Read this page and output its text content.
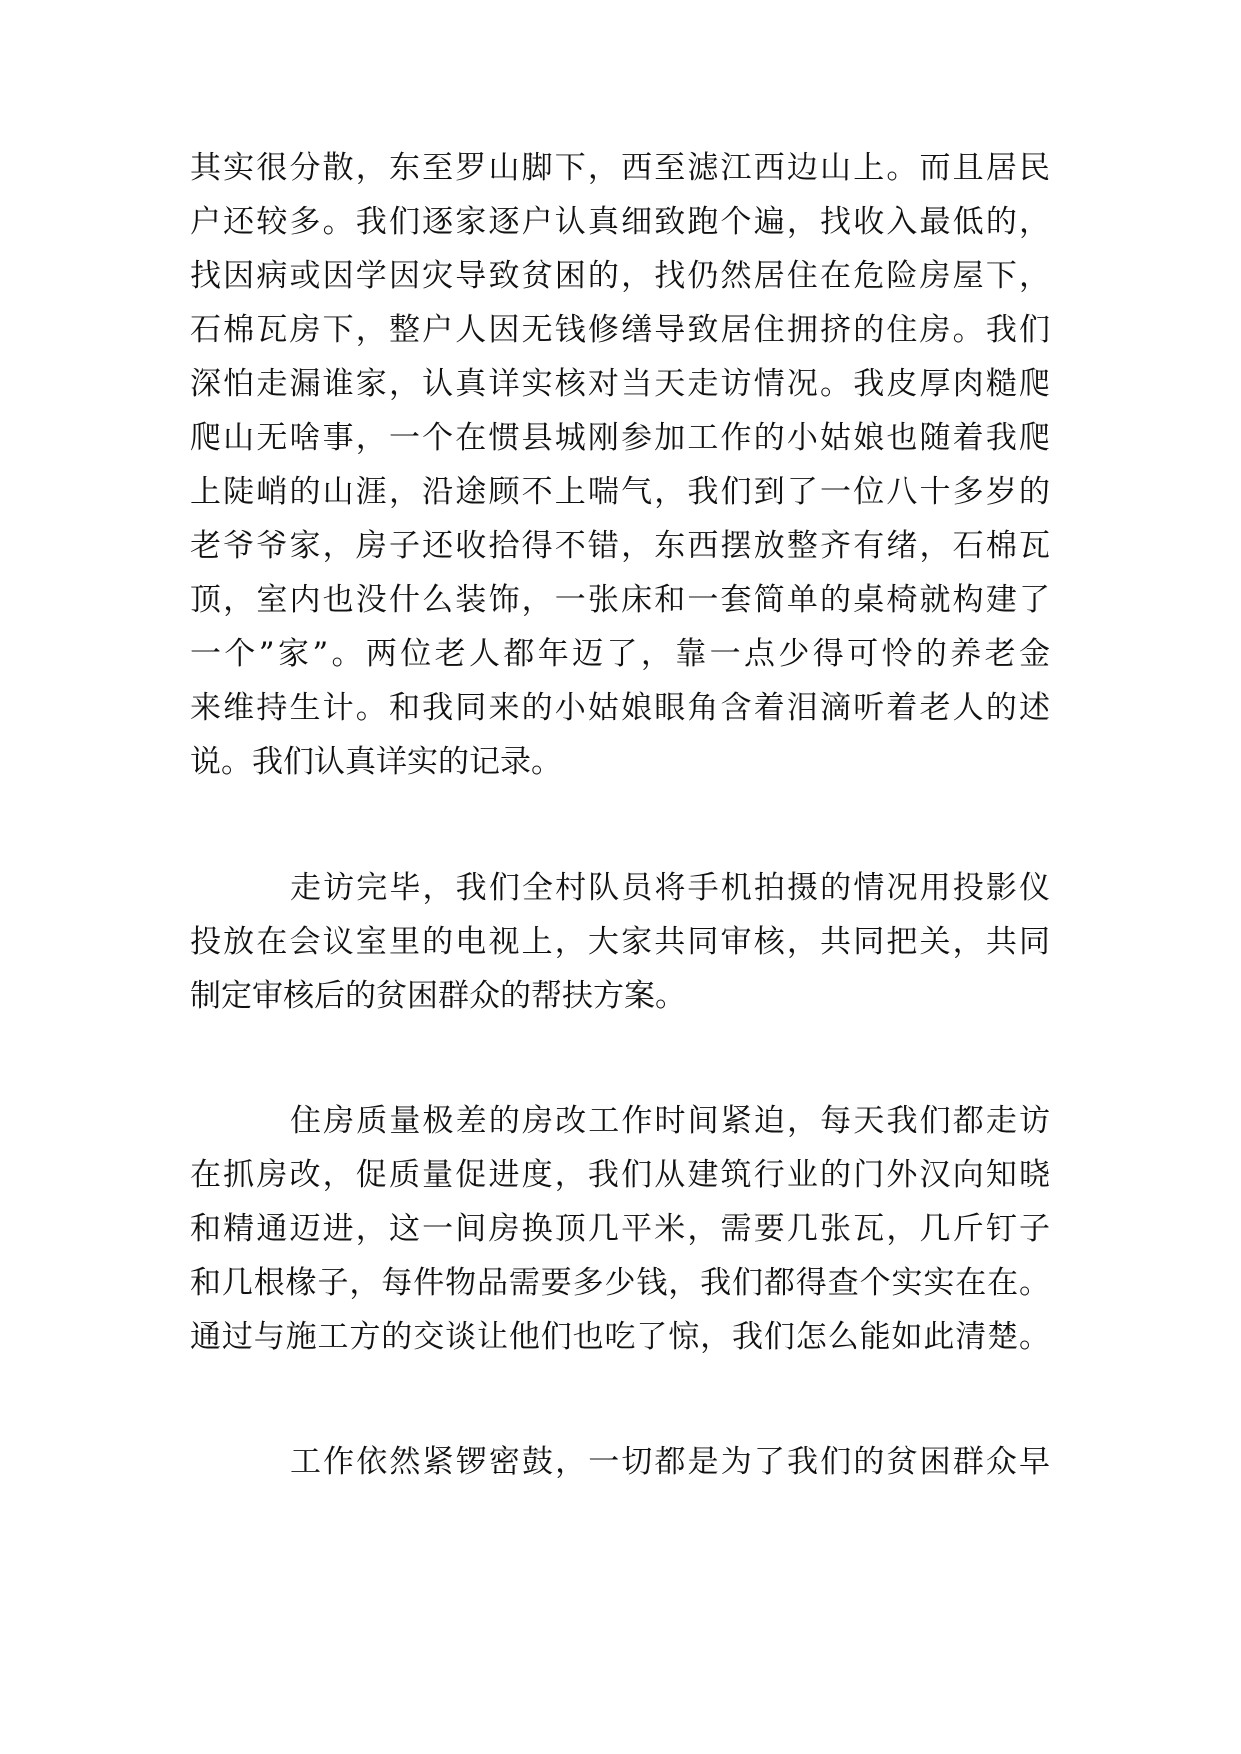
其实很分散，东至罗山脚下，西至滤江西边山上。而且居民
户还较多。我们逐家逐户认真细致跑个遍，找收入最低的，
找因病或因学因灾导致贫困的，找仍然居住在危险房屋下，
石棉瓦房下，整户人因无钱修缮导致居住拥挤的住房。我们
深怕走漏谁家，认真详实核对当天走访情况。我皮厚肉糙爬
爬山无啥事，一个在惯县城刚参加工作的小姑娘也随着我爬
上陡峭的山涯，沿途顾不上喘气，我们到了一位八十多岁的
老爷爷家，房子还收拾得不错，东西摆放整齐有绪，石棉瓦
顶，室内也没什么装饰，一张床和一套简单的桌椅就构建了
一个”家”。两位老人都年迈了，靠一点少得可怜的养老金
来维持生计。和我同来的小姑娘眼角含着泪滴听着老人的述
说。我们认真详实的记录。
走访完毕，我们全村队员将手机拍摄的情况用投影仪
投放在会议室里的电视上，大家共同审核，共同把关，共同
制定审核后的贫困群众的帮扶方案。
住房质量极差的房改工作时间紧迫，每天我们都走访
在抓房改，促质量促进度，我们从建筑行业的门外汉向知晓
和精通迈进，这一间房换顶几平米，需要几张瓦，几斤钉子
和几根椽子，每件物品需要多少钱，我们都得查个实实在在。
通过与施工方的交谈让他们也吃了惊，我们怎么能如此清楚。
工作依然紧锣密鼓，一切都是为了我们的贫困群众早
